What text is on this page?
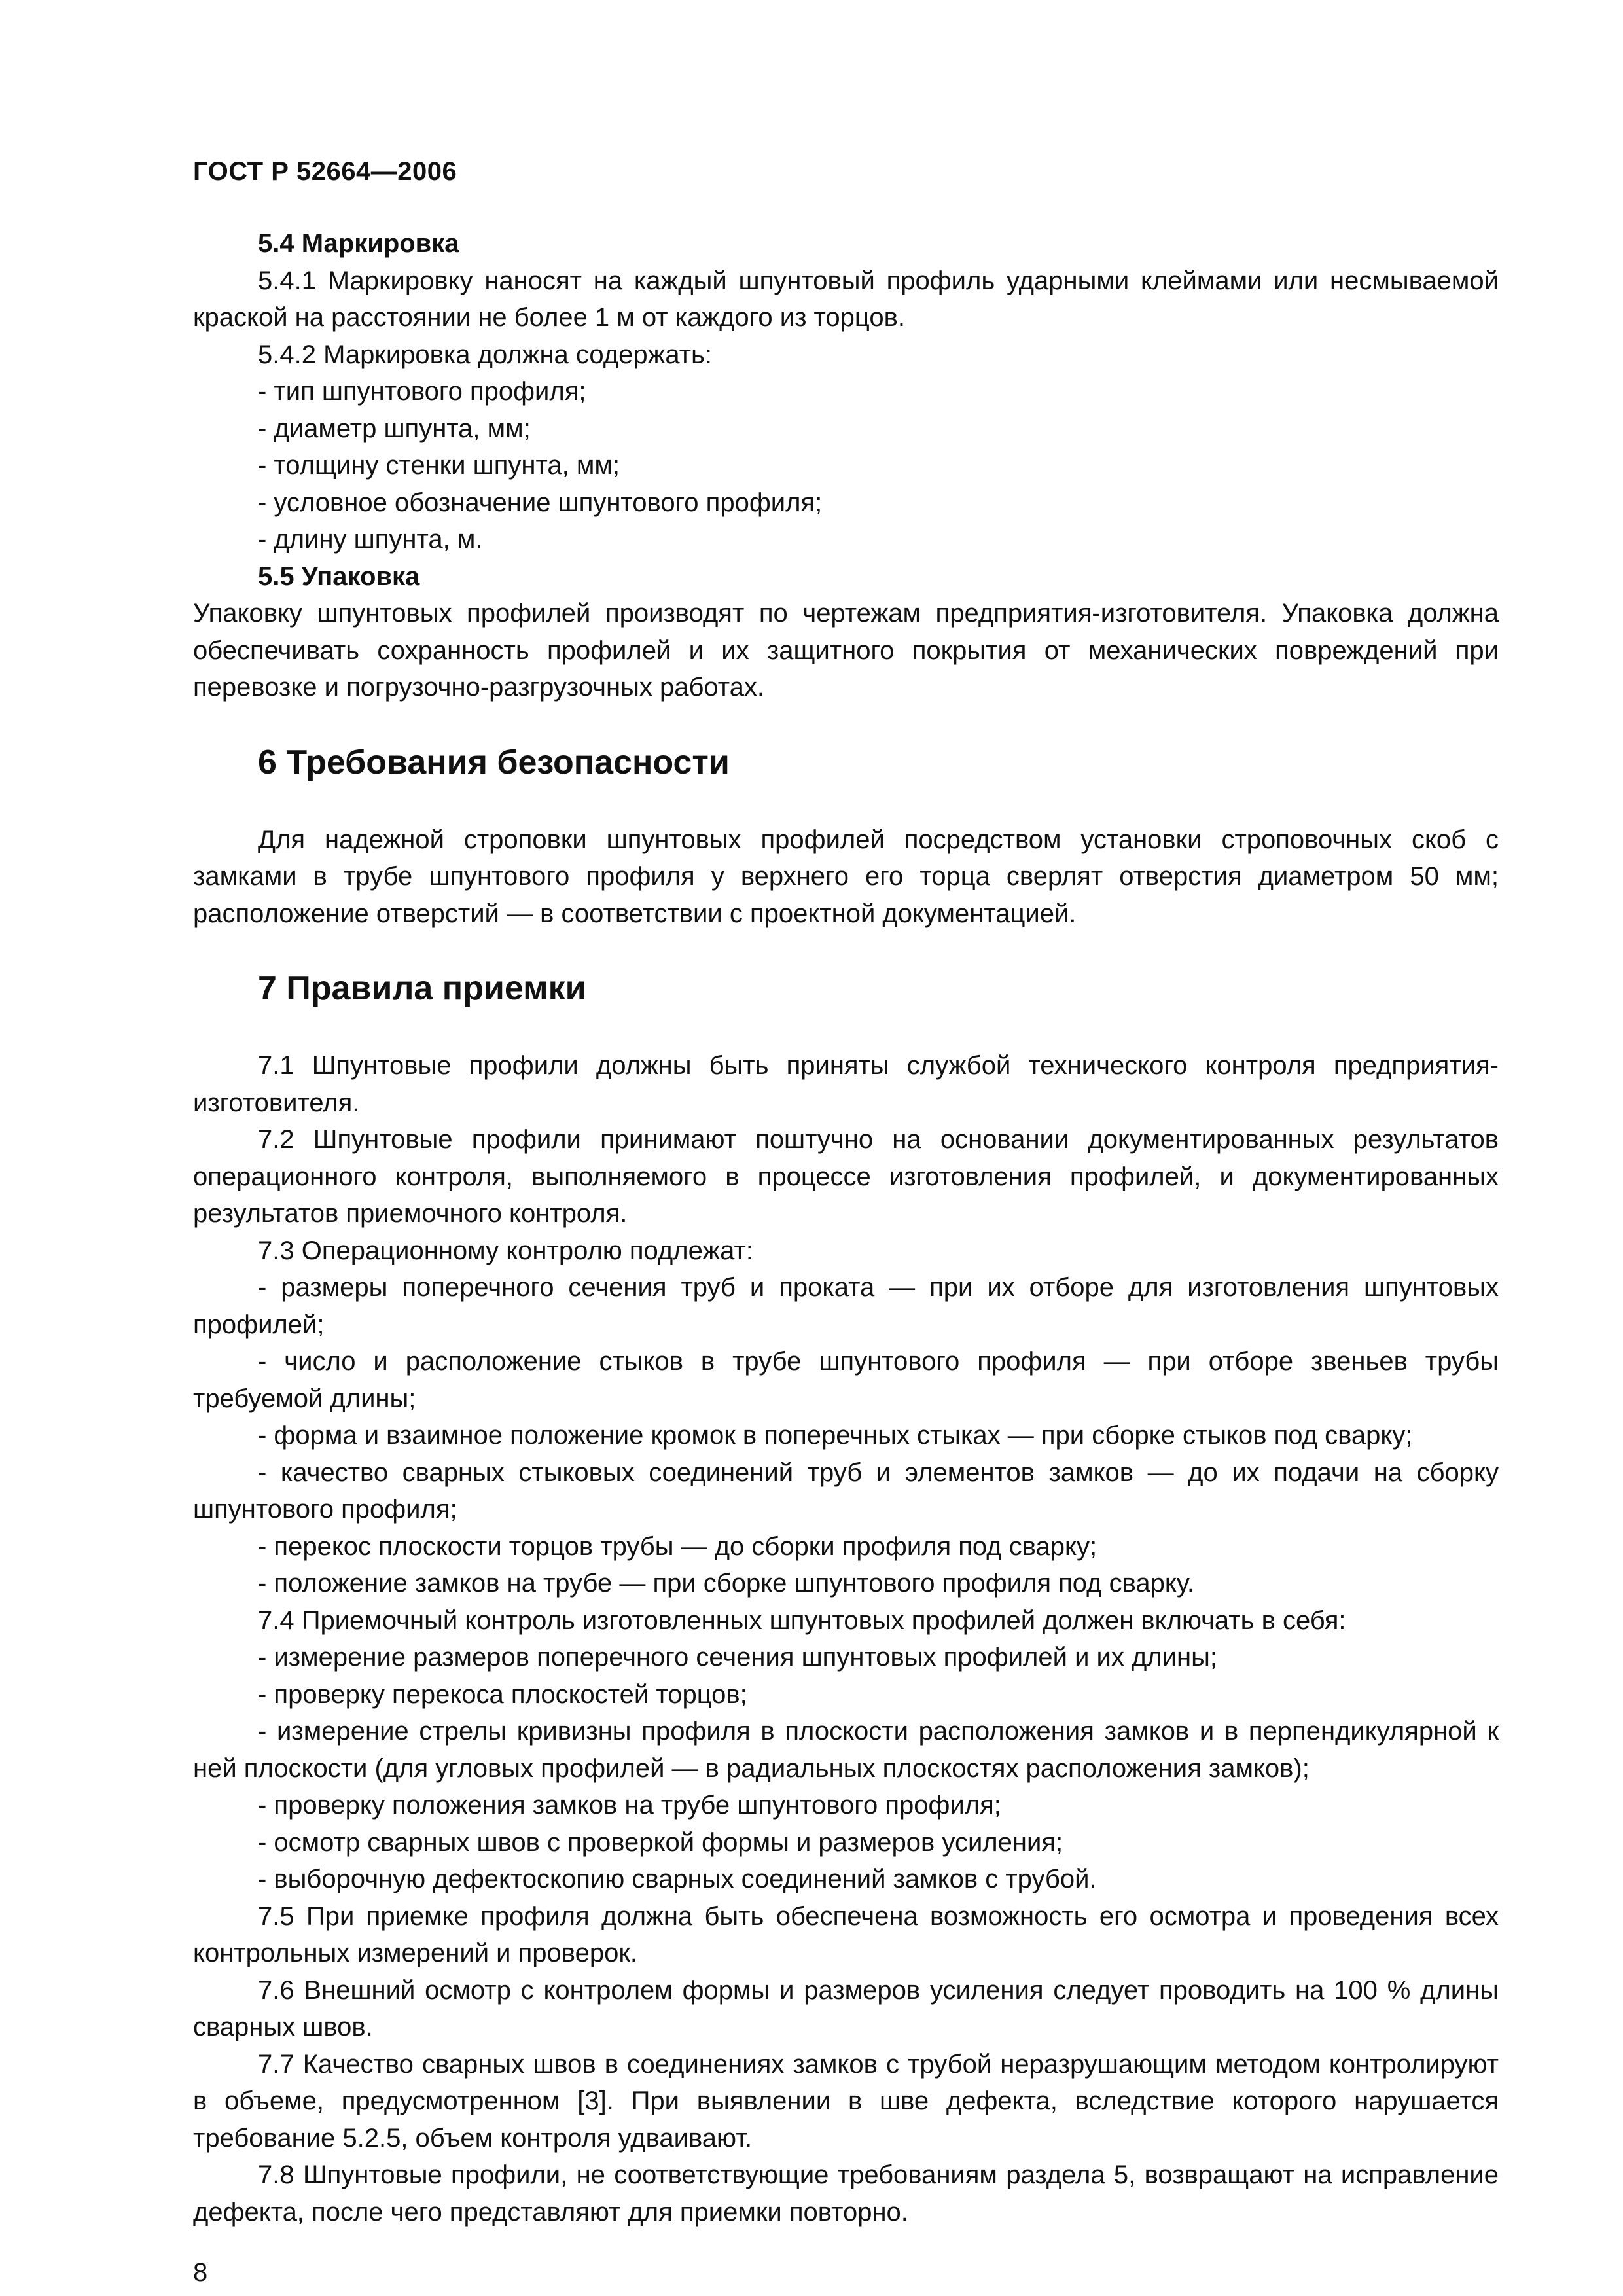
ГОСТ Р 52664—2006

5.4 Маркировка

5.4.1 Маркировку наносят на каждый шпунтовый профиль ударными клеймами или несмываемой краской на расстоянии не более 1 м от каждого из торцов.

5.4.2 Маркировка должна содержать:

- тип шпунтового профиля;

- диаметр шпунта, мм;

- толщину стенки шпунта, мм;

- условное обозначение шпунтового профиля;

- длину шпунта, м.

5.5 Упаковка

Упаковку шпунтовых профилей производят по чертежам предприятия-изготовителя. Упаковка должна обеспечивать сохранность профилей и их защитного покрытия от механических повреждений при перевозке и погрузочно-разгрузочных работах.

6 Требования безопасности

Для надежной строповки шпунтовых профилей посредством установки строповочных скоб с замками в трубе шпунтового профиля у верхнего его торца сверлят отверстия диаметром 50 мм; расположение отверстий — в соответствии с проектной документацией.

7 Правила приемки

7.1 Шпунтовые профили должны быть приняты службой технического контроля предприятия-изготовителя.

7.2 Шпунтовые профили принимают поштучно на основании документированных результатов операционного контроля, выполняемого в процессе изготовления профилей, и документированных результатов приемочного контроля.

7.3 Операционному контролю подлежат:

- размеры поперечного сечения труб и проката — при их отборе для изготовления шпунтовых профилей;

- число и расположение стыков в трубе шпунтового профиля — при отборе звеньев трубы требуемой длины;

- форма и взаимное положение кромок в поперечных стыках — при сборке стыков под сварку;

- качество сварных стыковых соединений труб и элементов замков — до их подачи на сборку шпунтового профиля;

- перекос плоскости торцов трубы — до сборки профиля под сварку;

- положение замков на трубе — при сборке шпунтового профиля под сварку.

7.4 Приемочный контроль изготовленных шпунтовых профилей должен включать в себя:

- измерение размеров поперечного сечения шпунтовых профилей и их длины;

- проверку перекоса плоскостей торцов;

- измерение стрелы кривизны профиля в плоскости расположения замков и в перпендикулярной к ней плоскости (для угловых профилей — в радиальных плоскостях расположения замков);

- проверку положения замков на трубе шпунтового профиля;

- осмотр сварных швов с проверкой формы и размеров усиления;

- выборочную дефектоскопию сварных соединений замков с трубой.

7.5 При приемке профиля должна быть обеспечена возможность его осмотра и проведения всех контрольных измерений и проверок.

7.6 Внешний осмотр с контролем формы и размеров усиления следует проводить на 100 % длины сварных швов.

7.7 Качество сварных швов в соединениях замков с трубой неразрушающим методом контролируют в объеме, предусмотренном [3]. При выявлении в шве дефекта, вследствие которого нарушается требование 5.2.5, объем контроля удваивают.

7.8 Шпунтовые профили, не соответствующие требованиям раздела 5, возвращают на исправление дефекта, после чего представляют для приемки повторно.

8
